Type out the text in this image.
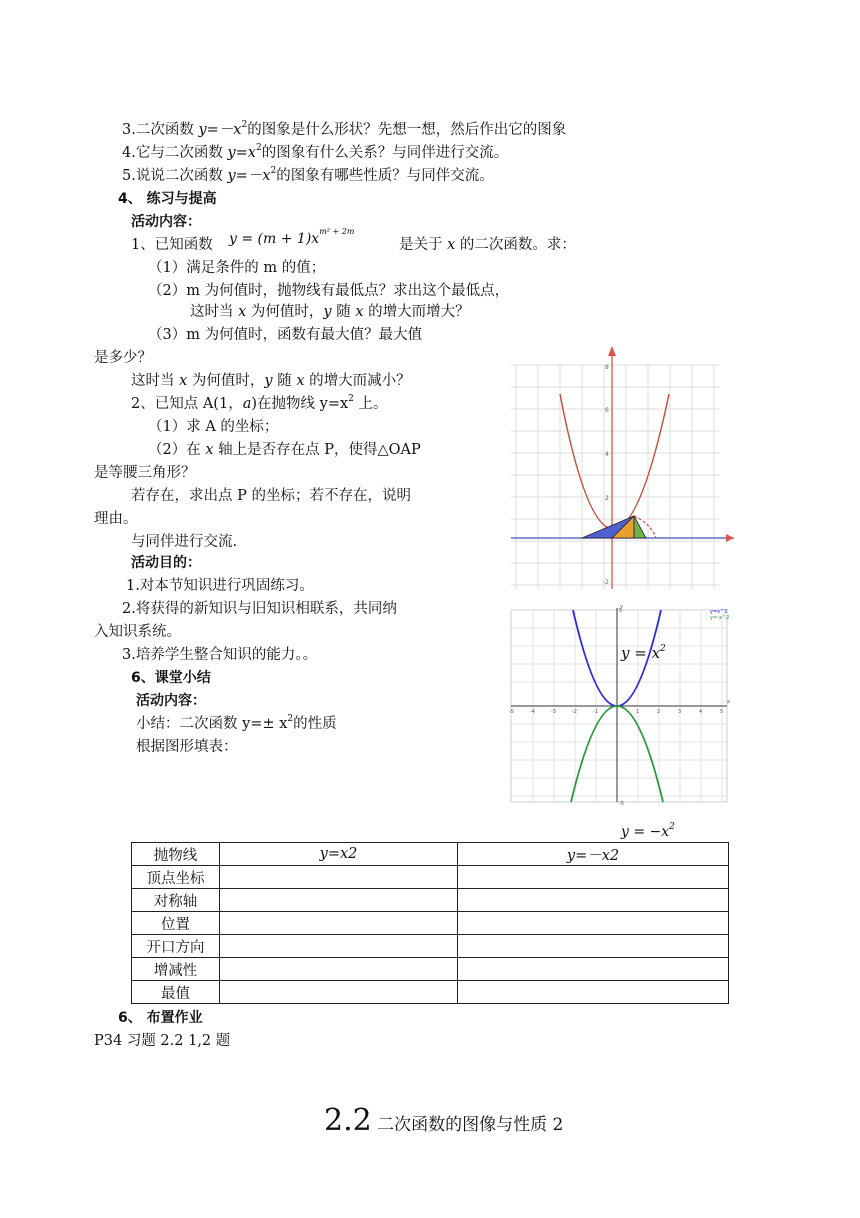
3.二次函数 $y=-x^2$的图象是什么形状？先想一想，然后作出它的图象
4.它与二次函数 $y=x^2$的图象有什么关系？与同伴进行交流。
5.说说二次函数 $y=-x^2$的图象有哪些性质？与同伴交流。
4、 练习与提高
活动内容：
1、已知函数 $y = (m + 1)x^{m^2 + 2m}$
是关于 x 的二次函数。求：
（1）满足条件的 m 的值；
（2）m 为何值时，抛物线有最低点？求出这个最低点，
这时当 x 为何值时，y 随 x 的增大而增大？
（3）m 为何值时，函数有最大值？最大值
是多少？
这时当 x 为何值时，y 随 x 的增大而减小？
2、已知点 A(1，a)在抛物线 $y=x^2$ 上。
（1）求 A 的坐标；
（2）在 x 轴上是否存在点 P，使得△OAP
是等腰三角形？
若存在，求出点 P 的坐标；若不存在，说明
理由。
与同伴进行交流.
活动目的：
1.对本节知识进行巩固练习。
2.将获得的新知识与旧知识相联系，共同纳
入知识系统。
3.培养学生整合知识的能力。。
6、课堂小结
活动内容：
小结：二次函数 $y=\pm x^2$的性质
根据图形填表：
8
6
4
2
-2
-5	-4	-3	-2	-1	1	2	3	4	5
5
-5
x
y
y=x^2
y=-x^2
$y = x^2$
$y = -x^2$
抛物线	y=x2	y=－x2
顶点坐标		
对称轴		
位置		
开口方向		
增减性		
最值		
6、 布置作业
P34 习题 2.2 1,2 题
2.2 二次函数的图像与性质 2
